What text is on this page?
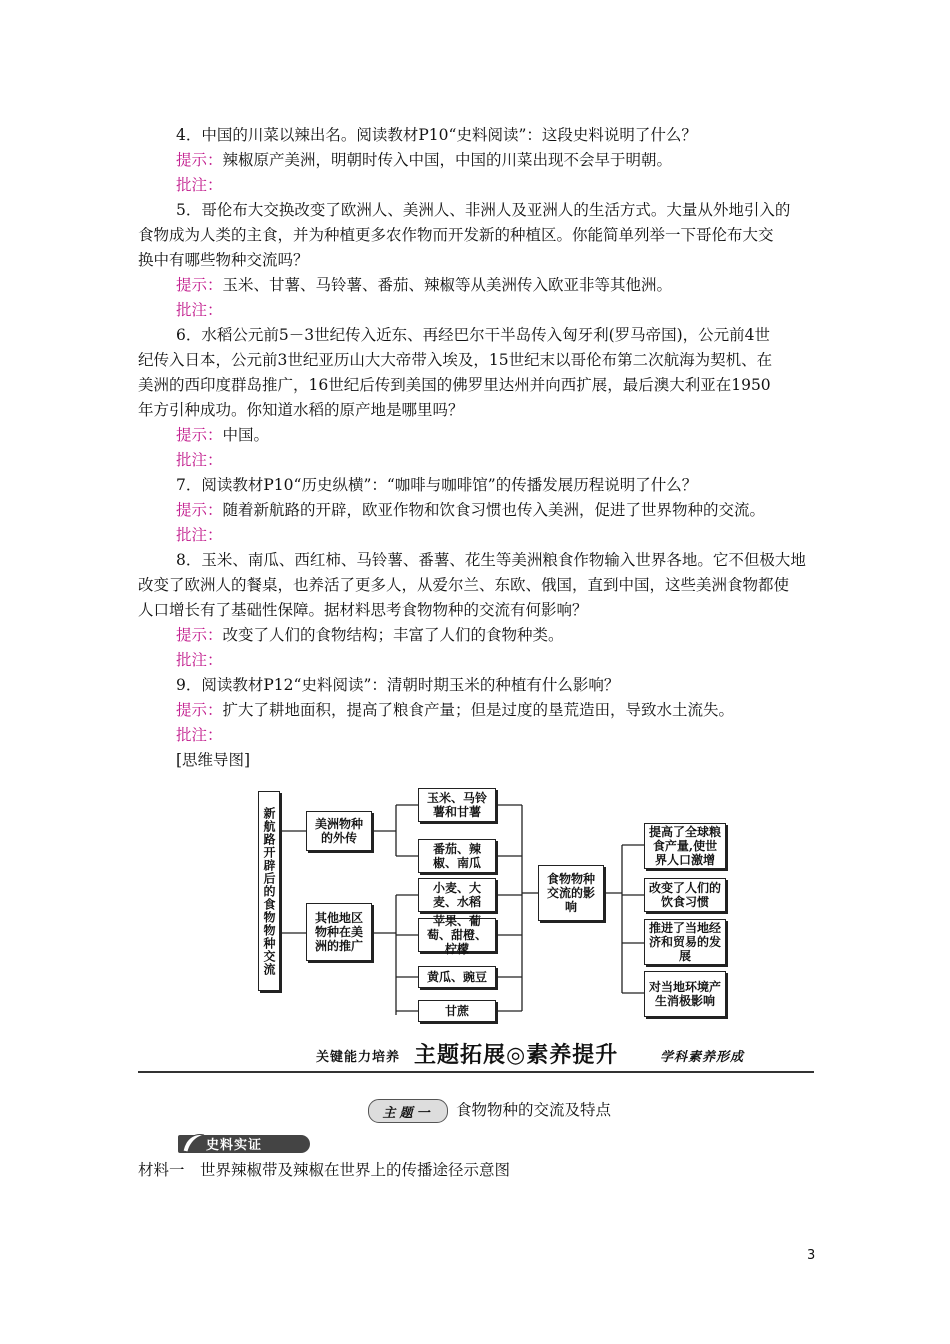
4．中国的川菜以辣出名。阅读教材P10“史料阅读”：这段史料说明了什么？
提示：辣椒原产美洲，明朝时传入中国，中国的川菜出现不会早于明朝。
批注：
5．哥伦布大交换改变了欧洲人、美洲人、非洲人及亚洲人的生活方式。大量从外地引入的
食物成为人类的主食，并为种植更多农作物而开发新的种植区。你能简单列举一下哥伦布大交
换中有哪些物种交流吗？
提示：玉米、甘薯、马铃薯、番茄、辣椒等从美洲传入欧亚非等其他洲。
批注：
6．水稻公元前5－3世纪传入近东、再经巴尔干半岛传入匈牙利(罗马帝国)，公元前4世
纪传入日本，公元前3世纪亚历山大大帝带入埃及，15世纪末以哥伦布第二次航海为契机、在
美洲的西印度群岛推广，16世纪后传到美国的佛罗里达州并向西扩展，最后澳大利亚在1950
年方引种成功。你知道水稻的原产地是哪里吗？
提示：中国。
批注：
7．阅读教材P10“历史纵横”：“咖啡与咖啡馆”的传播发展历程说明了什么？
提示：随着新航路的开辟，欧亚作物和饮食习惯也传入美洲，促进了世界物种的交流。
批注：
8．玉米、南瓜、西红柿、马铃薯、番薯、花生等美洲粮食作物输入世界各地。它不但极大地
改变了欧洲人的餐桌，也养活了更多人，从爱尔兰、东欧、俄国，直到中国，这些美洲食物都使
人口增长有了基础性保障。据材料思考食物物种的交流有何影响？
提示：改变了人们的食物结构；丰富了人们的食物种类。
批注：
9．阅读教材P12“史料阅读”：清朝时期玉米的种植有什么影响？
提示：扩大了耕地面积，提高了粮食产量；但是过度的垦荒造田，导致水土流失。
批注：
[思维导图]
新航路开辟后的食物物种交流	美洲物种的外传
其他地区物种在美洲的推广
玉米、马铃薯和甘薯
番茄、辣椒、南瓜
小麦、大麦、水稻
苹果、葡萄、甜橙、柠檬
黄瓜、豌豆
甘蔗
食物物种交流的影响
提高了全球粮食产量,使世界人口激增
改变了人们的饮食习惯
推进了当地经济和贸易的发展
对当地环境产生消极影响
关键能力培养 主题拓展◎素养提升	学科素养形成
主题一	食物物种的交流及特点
史料实证
材料一　世界辣椒带及辣椒在世界上的传播途径示意图
3
